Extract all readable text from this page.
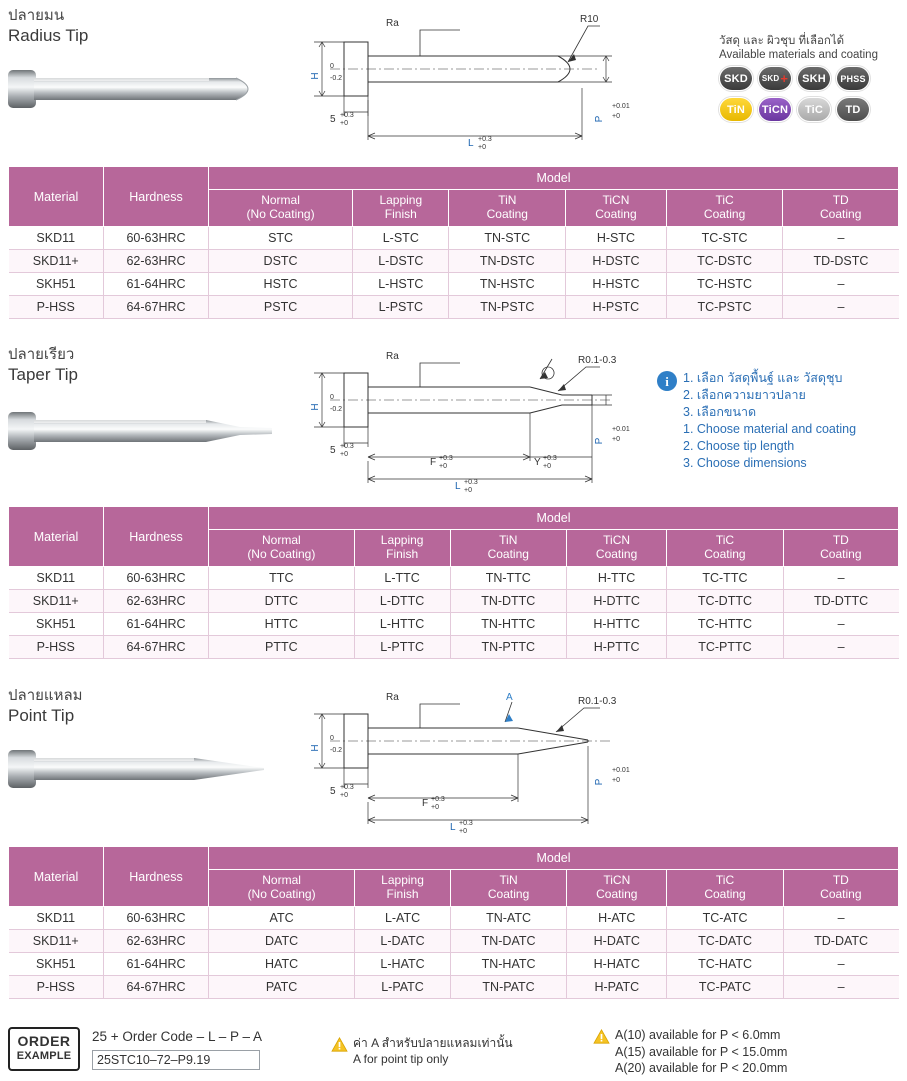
ปลายมน
Radius Tip
Ra	R10
H
0
-0.2
5 +0.3
+0
L +0.3
+0
P
+0.01
+0
วัสดุ และ ผิวชุบ ที่เลือกได้
Available materials and coating
SKD	SKD +	SKH	PHSS
TiN	TiCN	TiC	TD
Material	Hardness	Model					

Normal
(No Coating)

Lapping
Finish

TiN
Coating

TiCN
Coating

TiC
Coating

TD
Coating

SKD11	60-63HRC	STC	L-STC	TN-STC	H-STC	TC-STC	–
SKD11+	62-63HRC	DSTC	L-DSTC	TN-DSTC	H-DSTC	TC-DSTC	TD-DSTC
SKH51	61-64HRC	HSTC	L-HSTC	TN-HSTC	H-HSTC	TC-HSTC	–
P-HSS	64-67HRC	PSTC	L-PSTC	TN-PSTC	H-PSTC	TC-PSTC	–
ปลายเรียว
Taper Tip
Ra	R0.1-0.3
H
0
-0.2
5 +0.3
+0
F +0.3
+0	Y +0.3
+0
L +0.3
+0
P
+0.01
+0
i	1. เลือก วัสดุพื้นฐ์ และ วัสดุชุบ
2. เลือกความยาวปลาย
3. เลือกขนาด
1. Choose material and coating
2. Choose tip length
3. Choose dimensions
Material	Hardness	Model					

Normal
(No Coating)

Lapping
Finish

TiN
Coating

TiCN
Coating

TiC
Coating

TD
Coating

SKD11	60-63HRC	TTC	L-TTC	TN-TTC	H-TTC	TC-TTC	–
SKD11+	62-63HRC	DTTC	L-DTTC	TN-DTTC	H-DTTC	TC-DTTC	TD-DTTC
SKH51	61-64HRC	HTTC	L-HTTC	TN-HTTC	H-HTTC	TC-HTTC	–
P-HSS	64-67HRC	PTTC	L-PTTC	TN-PTTC	H-PTTC	TC-PTTC	–
ปลายแหลม
Point Tip
Ra	A	R0.1-0.3
H
0
-0.2
5 +0.3
+0
F +0.3
+0
L +0.3
+0
P
+0.01
+0
Material	Hardness	Model					

Normal
(No Coating)

Lapping
Finish

TiN
Coating

TiCN
Coating

TiC
Coating

TD
Coating

SKD11	60-63HRC	ATC	L-ATC	TN-ATC	H-ATC	TC-ATC	–
SKD11+	62-63HRC	DATC	L-DATC	TN-DATC	H-DATC	TC-DATC	TD-DATC
SKH51	61-64HRC	HATC	L-HATC	TN-HATC	H-HATC	TC-HATC	–
P-HSS	64-67HRC	PATC	L-PATC	TN-PATC	H-PATC	TC-PATC	–
ORDER
EXAMPLE
25 + Order Code – L – P – A
25STC10–72–P9.19	ค่า A สำหรับปลายแหลมเท่านั้น
A for point tip only
A(10) available for P < 6.0mm
A(15) available for P < 15.0mm
A(20) available for P < 20.0mm
